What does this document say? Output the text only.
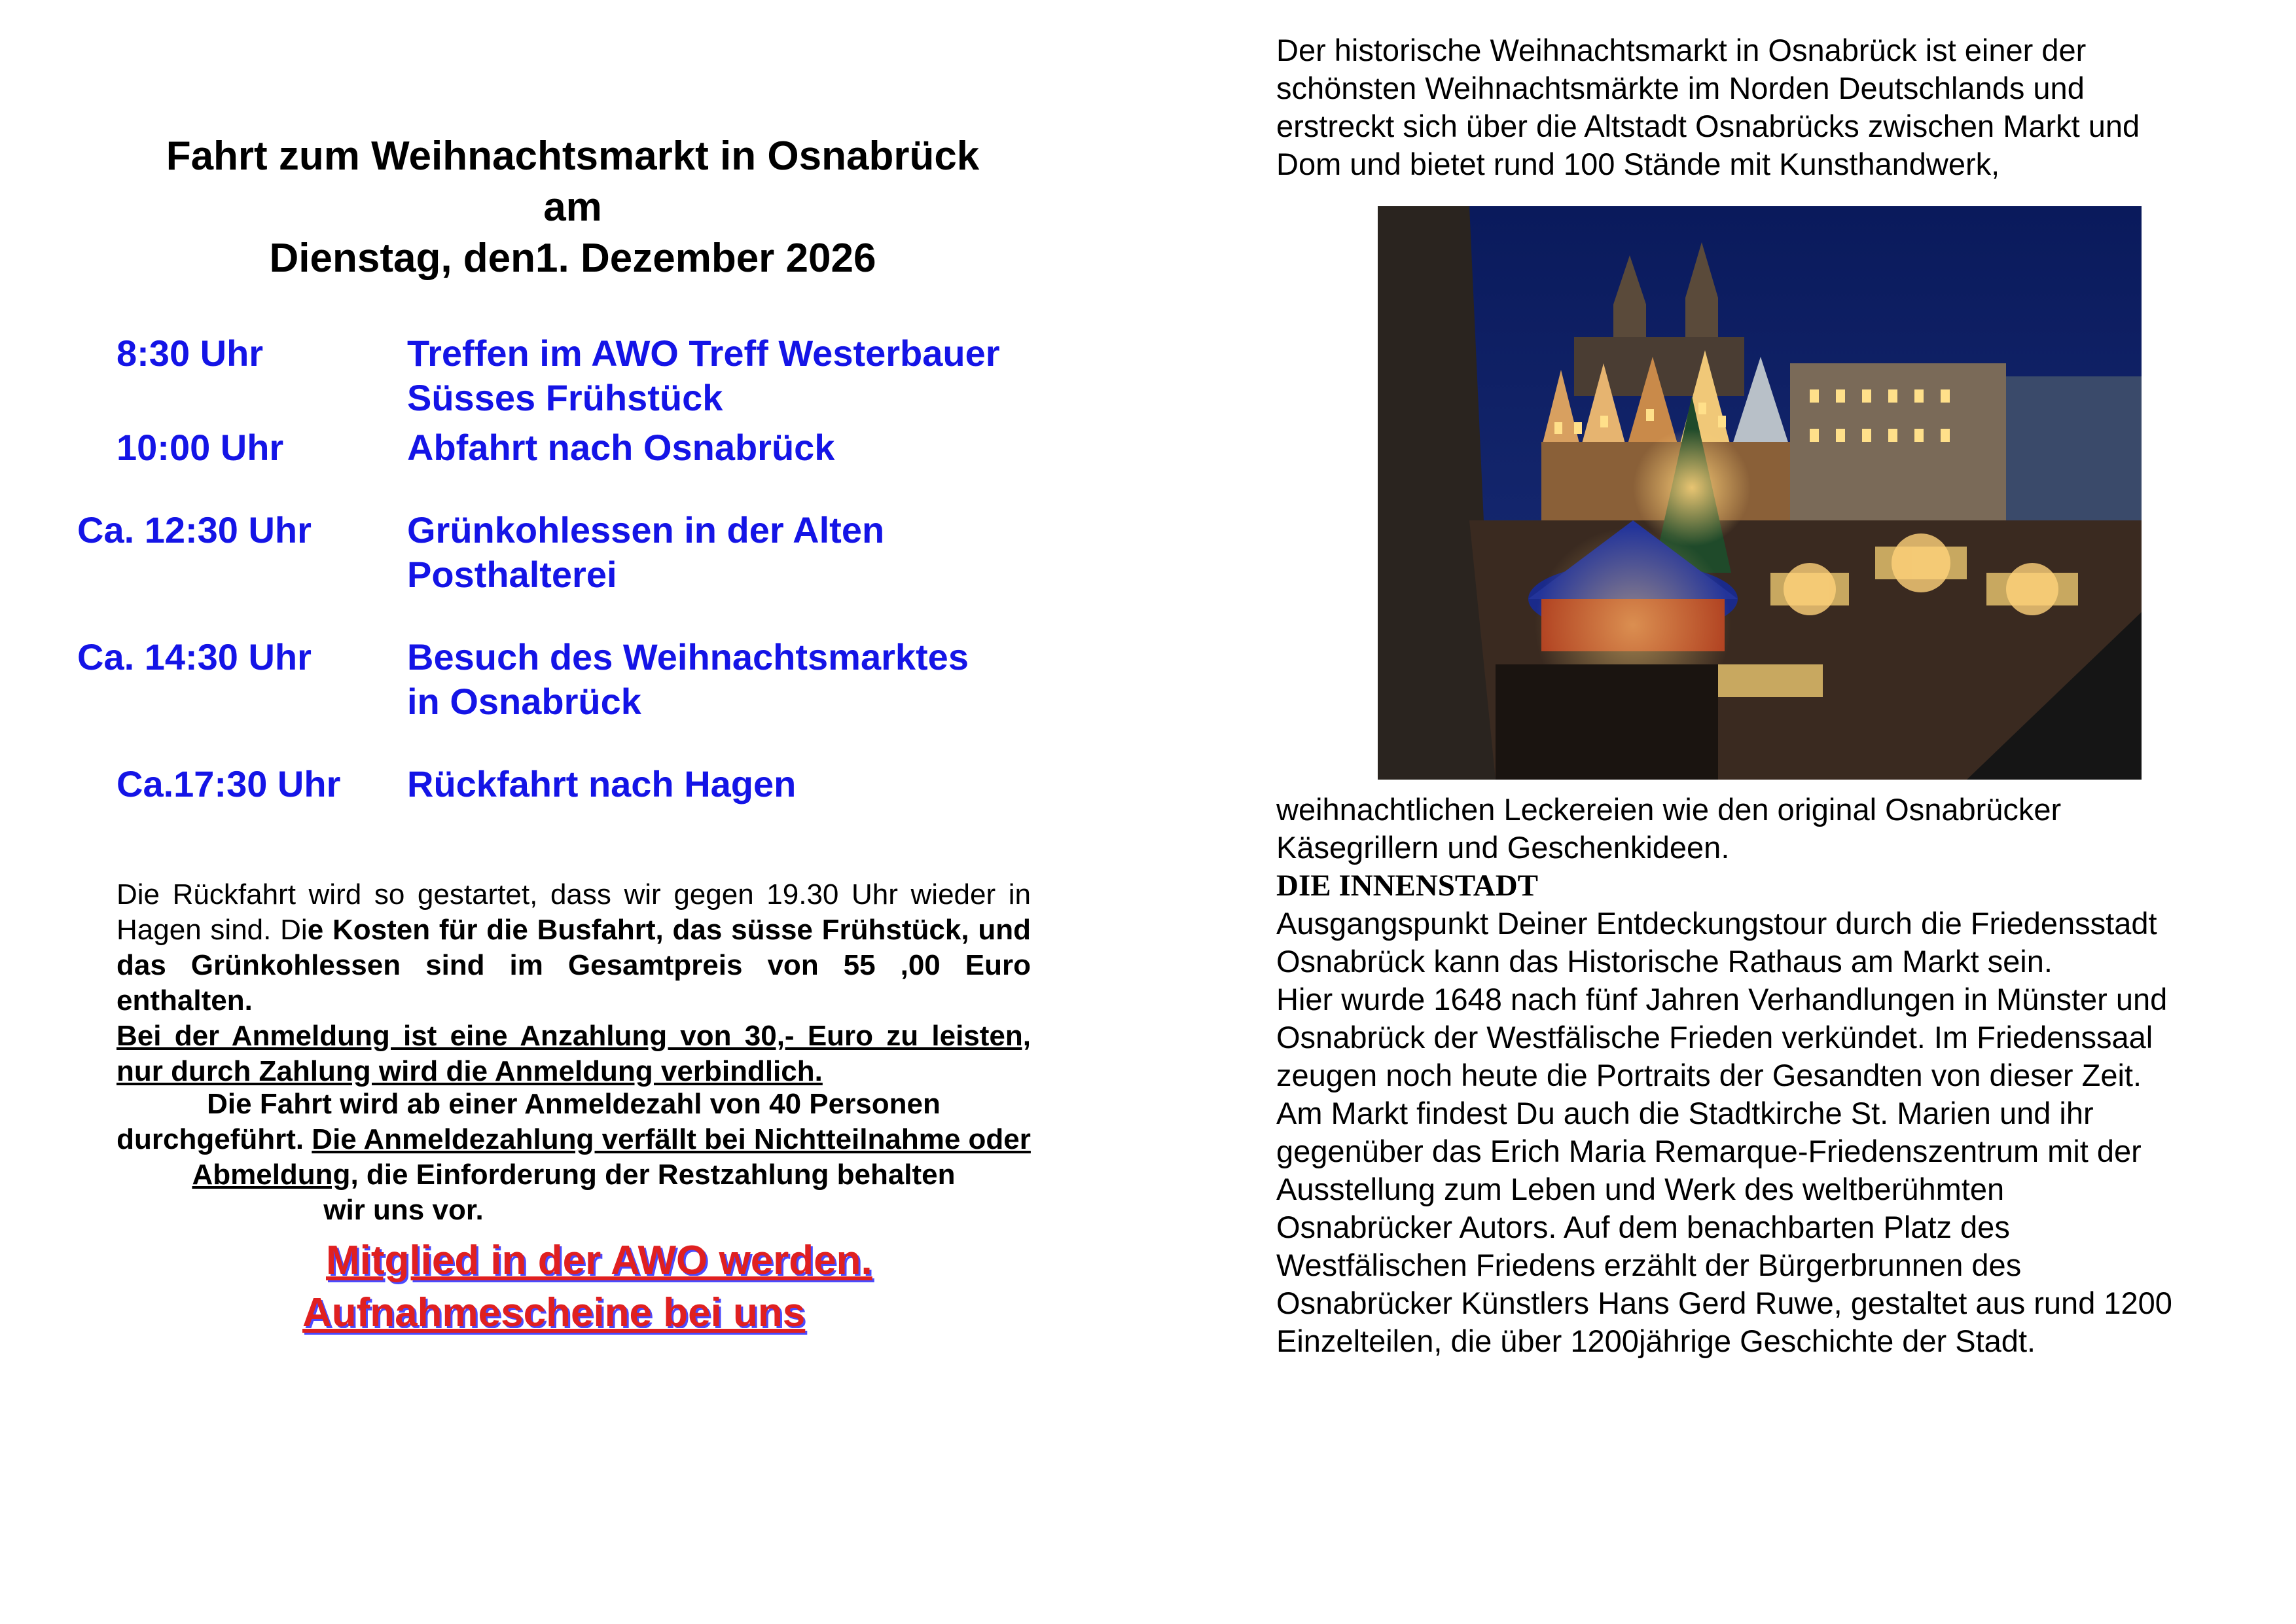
Fahrt zum Weihnachtsmarkt in Osnabrück
am
Dienstag, den1. Dezember 2026
8:30 Uhr	Treffen im AWO Treff Westerbauer
Süsses Frühstück
10:00 Uhr	Abfahrt nach Osnabrück
Ca. 12:30 Uhr	Grünkohlessen in der Alten
Posthalterei
Ca. 14:30 Uhr	Besuch des Weihnachtsmarktes
in Osnabrück
Ca.17:30 Uhr Rückfahrt nach Hagen
Die Rückfahrt wird so gestartet, dass wir gegen 19.30 Uhr wieder in Hagen sind. Die Kosten für die Busfahrt, das süsse Frühstück, und das Grünkohlessen sind im Gesamtpreis von 55 ,00 Euro enthalten.
Bei der Anmeldung ist eine Anzahlung von 30,- Euro zu leisten, nur durch Zahlung wird die Anmeldung verbindlich.
Die Fahrt wird ab einer Anmeldezahl von 40 Personen durchgeführt. Die Anmeldezahlung verfällt bei Nichtteilnahme oder Abmeldung, die Einforderung der Restzahlung behalten
wir uns vor.
Mitglied in der AWO werden.
Aufnahmescheine bei uns

Der historische Weihnachtsmarkt in Osnabrück ist einer der schönsten Weihnachtsmärkte im Norden Deutschlands und erstreckt sich über die Altstadt Osnabrücks zwischen Markt und Dom und bietet rund 100 Stände mit Kunsthandwerk,

weihnachtlichen Leckereien wie den original Osnabrücker Käsegrillern und Geschenkideen.

DIE INNENSTADT

Ausgangspunkt Deiner Entdeckungstour durch die Friedensstadt Osnabrück kann das Historische Rathaus am Markt sein.

Hier wurde 1648 nach fünf Jahren Verhandlungen in Münster und Osnabrück der Westfälische Frieden verkündet. Im Friedenssaal zeugen noch heute die Portraits der Gesandten von dieser Zeit. Am Markt findest Du auch die Stadtkirche St. Marien und ihr gegenüber das Erich Maria Remarque-Friedenszentrum mit der Ausstellung zum Leben und Werk des weltberühmten Osnabrücker Autors. Auf dem benachbarten Platz des Westfälischen Friedens erzählt der Bürgerbrunnen des Osnabrücker Künstlers Hans Gerd Ruwe, gestaltet aus rund 1200 Einzelteilen, die über 1200jährige Geschichte der Stadt.
